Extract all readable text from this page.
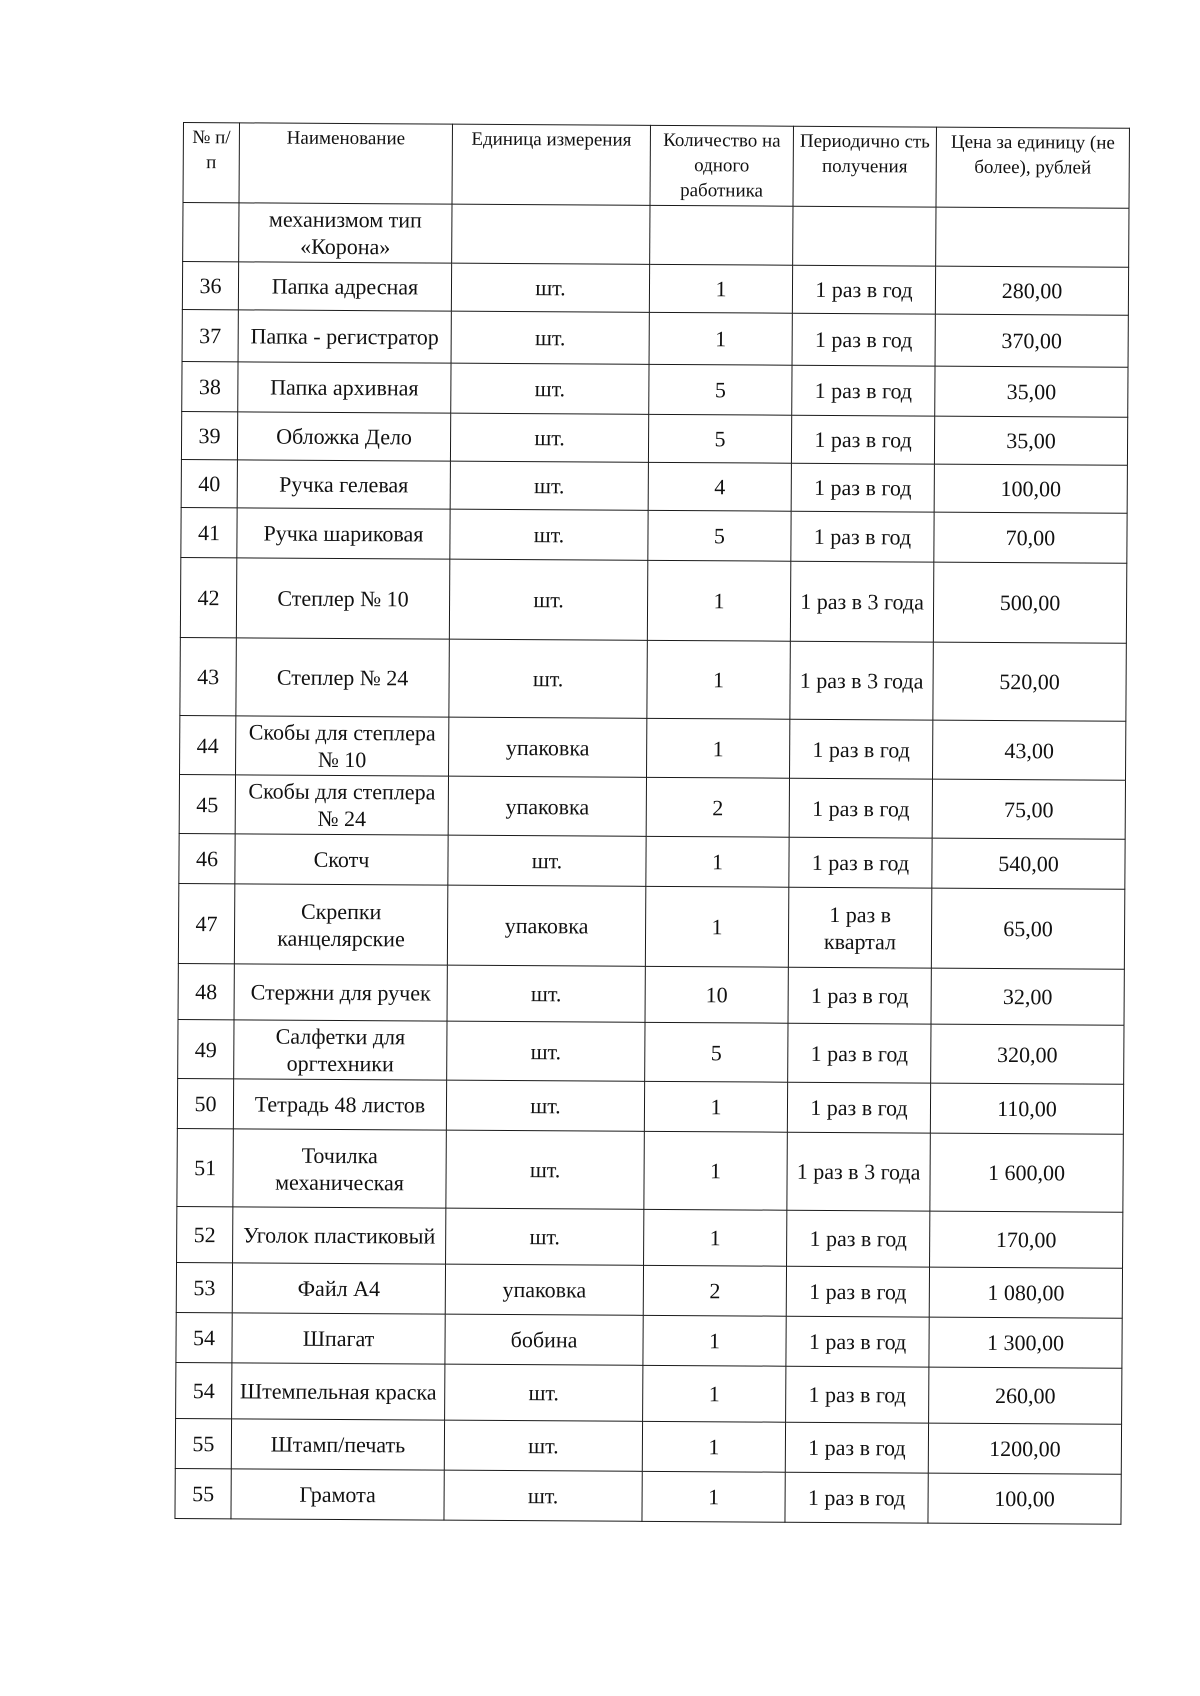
№ п/п	Наименование	Единица измерения	Количество на одного работника	Периодично сть получения	Цена за единицу (не более), рублей
	механизмом тип «Корона»				
36	Папка адресная	шт.	1	1 раз в год	280,00
37	Папка - регистратор	шт.	1	1 раз в год	370,00
38	Папка архивная	шт.	5	1 раз в год	35,00
39	Обложка Дело	шт.	5	1 раз в год	35,00
40	Ручка гелевая	шт.	4	1 раз в год	100,00
41	Ручка шариковая	шт.	5	1 раз в год	70,00
42	Степлер № 10	шт.	1	1 раз в 3 года	500,00
43	Степлер № 24	шт.	1	1 раз в 3 года	520,00
44	Скобы для степлера № 10	упаковка	1	1 раз в год	43,00
45	Скобы для степлера № 24	упаковка	2	1 раз в год	75,00
46	Скотч	шт.	1	1 раз в год	540,00
47	Скрепки канцелярские	упаковка	1	1 раз в квартал	65,00
48	Стержни для ручек	шт.	10	1 раз в год	32,00
49	Салфетки для оргтехники	шт.	5	1 раз в год	320,00
50	Тетрадь 48 листов	шт.	1	1 раз в год	110,00
51	Точилка механическая	шт.	1	1 раз в 3 года	1 600,00
52	Уголок пластиковый	шт.	1	1 раз в год	170,00
53	Файл А4	упаковка	2	1 раз в год	1 080,00
54	Шпагат	бобина	1	1 раз в год	1 300,00
54	Штемпельная краска	шт.	1	1 раз в год	260,00
55	Штамп/печать	шт.	1	1 раз в год	1200,00
55	Грамота	шт.	1	1 раз в год	100,00
